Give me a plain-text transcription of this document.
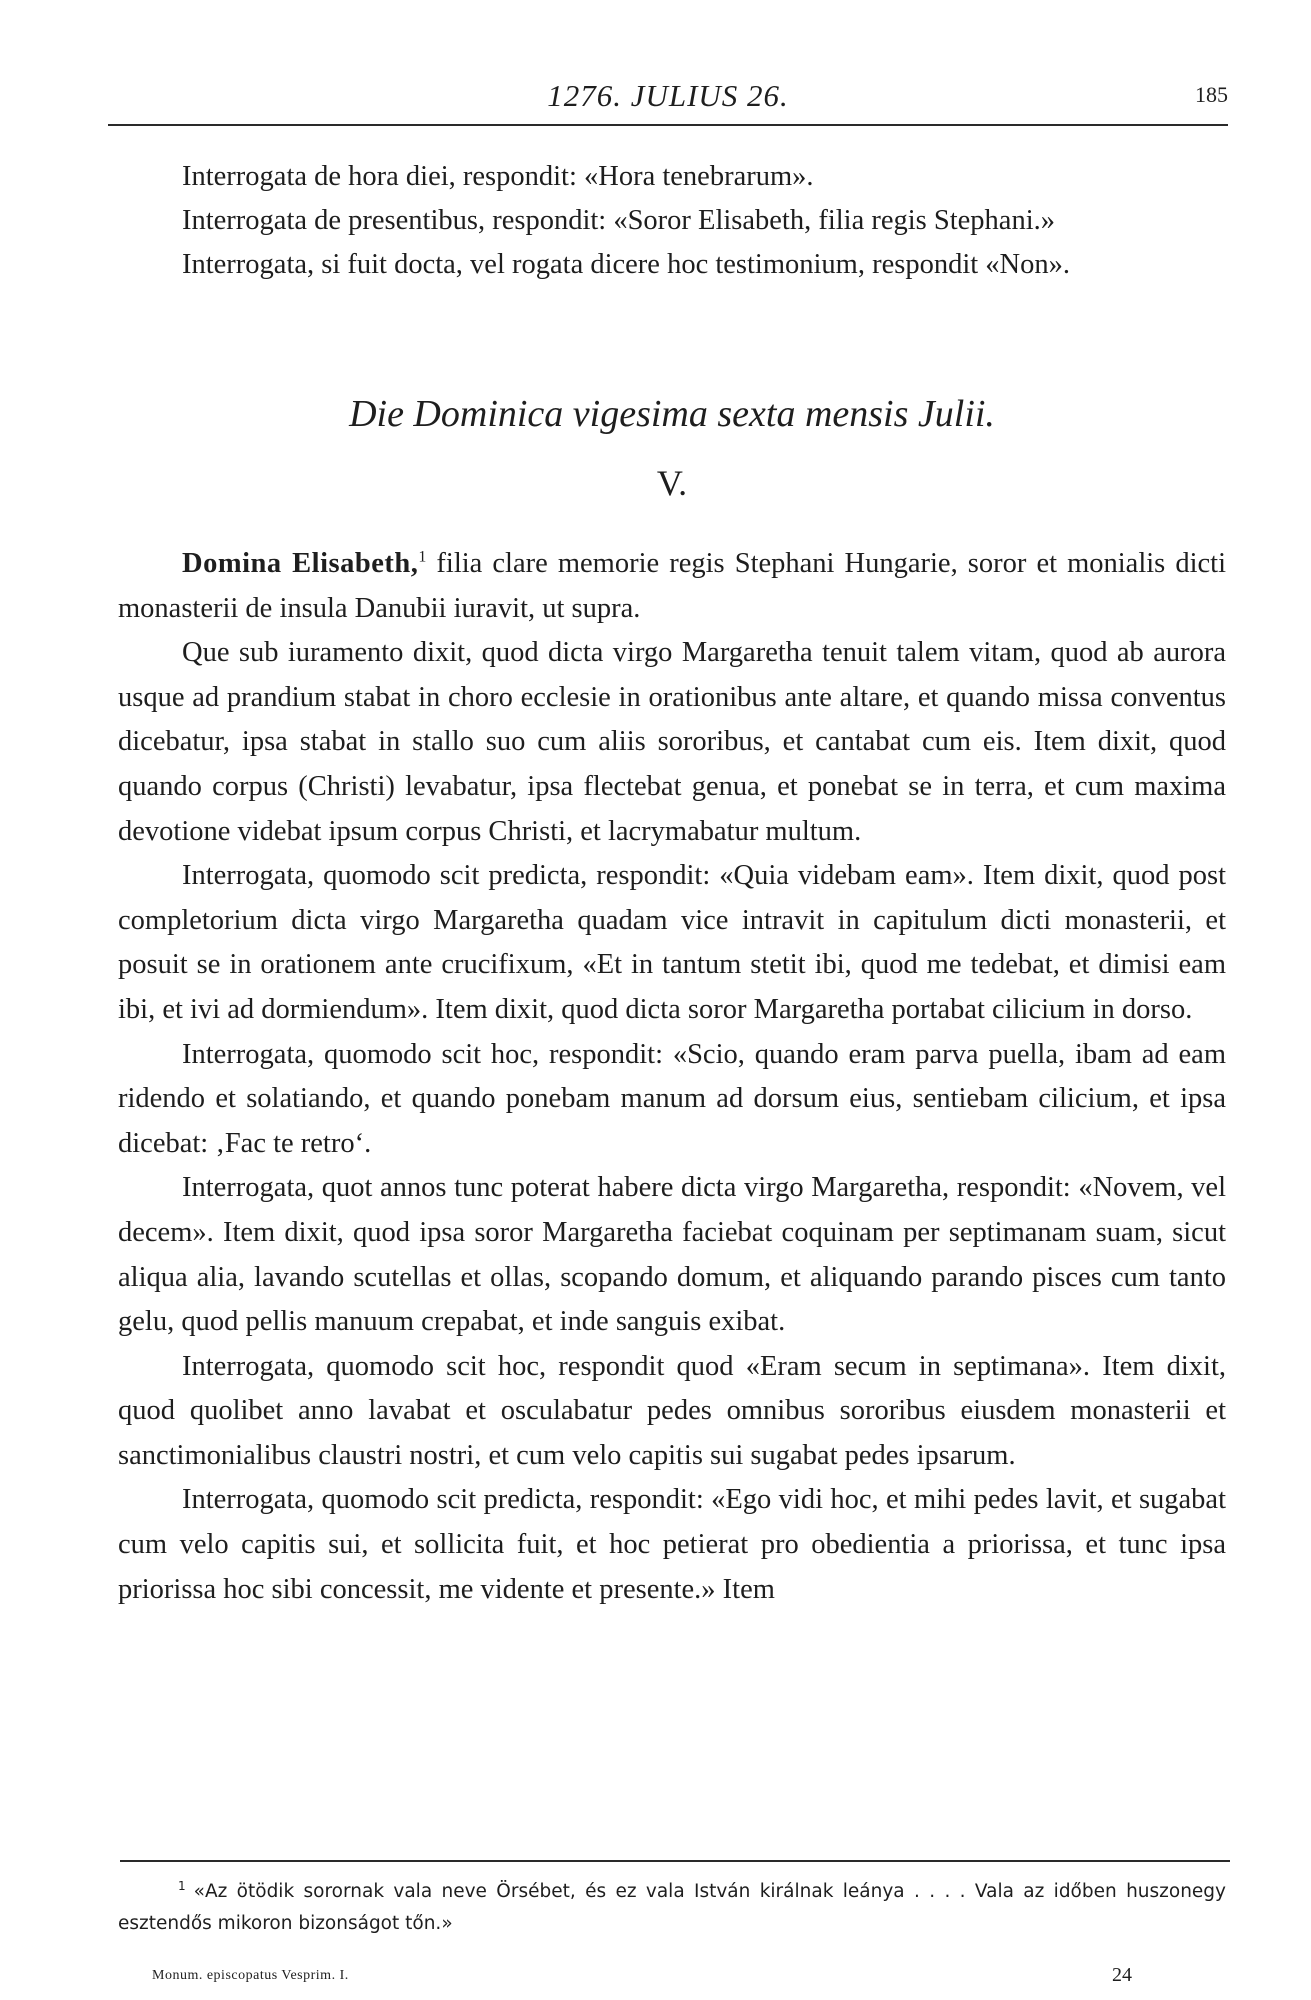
1276. JULIUS 26.	185

Interrogata de hora diei, respondit: «Hora tenebrarum».

Interrogata de presentibus, respondit: «Soror Elisabeth, filia regis Stephani.»

Interrogata, si fuit docta, vel rogata dicere hoc testimonium, respondit «Non».

Die Dominica vigesima sexta mensis Julii.
V.

Domina Elisabeth,$^1$ filia clare memorie regis Stephani Hungarie, soror et monialis dicti monasterii de insula Danubii iuravit, ut supra.

Que sub iuramento dixit, quod dicta virgo Margaretha tenuit talem vitam, quod ab aurora usque ad prandium stabat in choro ecclesie in orationibus ante altare, et quando missa conventus dicebatur, ipsa stabat in stallo suo cum aliis sororibus, et cantabat cum eis. Item dixit, quod quando corpus (Christi) levabatur, ipsa flectebat genua, et ponebat se in terra, et cum maxima devotione videbat ipsum corpus Christi, et lacrymabatur multum.

Interrogata, quomodo scit predicta, respondit: «Quia videbam eam». Item dixit, quod post completorium dicta virgo Margaretha quadam vice intravit in capitulum dicti monasterii, et posuit se in orationem ante crucifixum, «Et in tantum stetit ibi, quod me tedebat, et dimisi eam ibi, et ivi ad dormiendum». Item dixit, quod dicta soror Margaretha portabat cilicium in dorso.

Interrogata, quomodo scit hoc, respondit: «Scio, quando eram parva puella, ibam ad eam ridendo et solatiando, et quando ponebam manum ad dorsum eius, sentiebam cilicium, et ipsa dicebat: ‚Fac te retro‘.

Interrogata, quot annos tunc poterat habere dicta virgo Margaretha, respondit: «Novem, vel decem». Item dixit, quod ipsa soror Margaretha faciebat coquinam per septimanam suam, sicut aliqua alia, lavando scutellas et ollas, scopando domum, et aliquando parando pisces cum tanto gelu, quod pellis manuum crepabat, et inde sanguis exibat.

Interrogata, quomodo scit hoc, respondit quod «Eram secum in septimana». Item dixit, quod quolibet anno lavabat et osculabatur pedes omnibus sororibus eiusdem monasterii et sanctimonialibus claustri nostri, et cum velo capitis sui sugabat pedes ipsarum.

Interrogata, quomodo scit predicta, respondit: «Ego vidi hoc, et mihi pedes lavit, et sugabat cum velo capitis sui, et sollicita fuit, et hoc petierat pro obedientia a priorissa, et tunc ipsa priorissa hoc sibi concessit, me vidente et presente.» Item

$^1$ «Az ötödik sorornak vala neve Örsébet, és ez vala István királnak leánya . . . . Vala az időben huszonegy esztendős mikoron bizonságot tőn.»
Monum. episcopatus Vesprim. I.	24
